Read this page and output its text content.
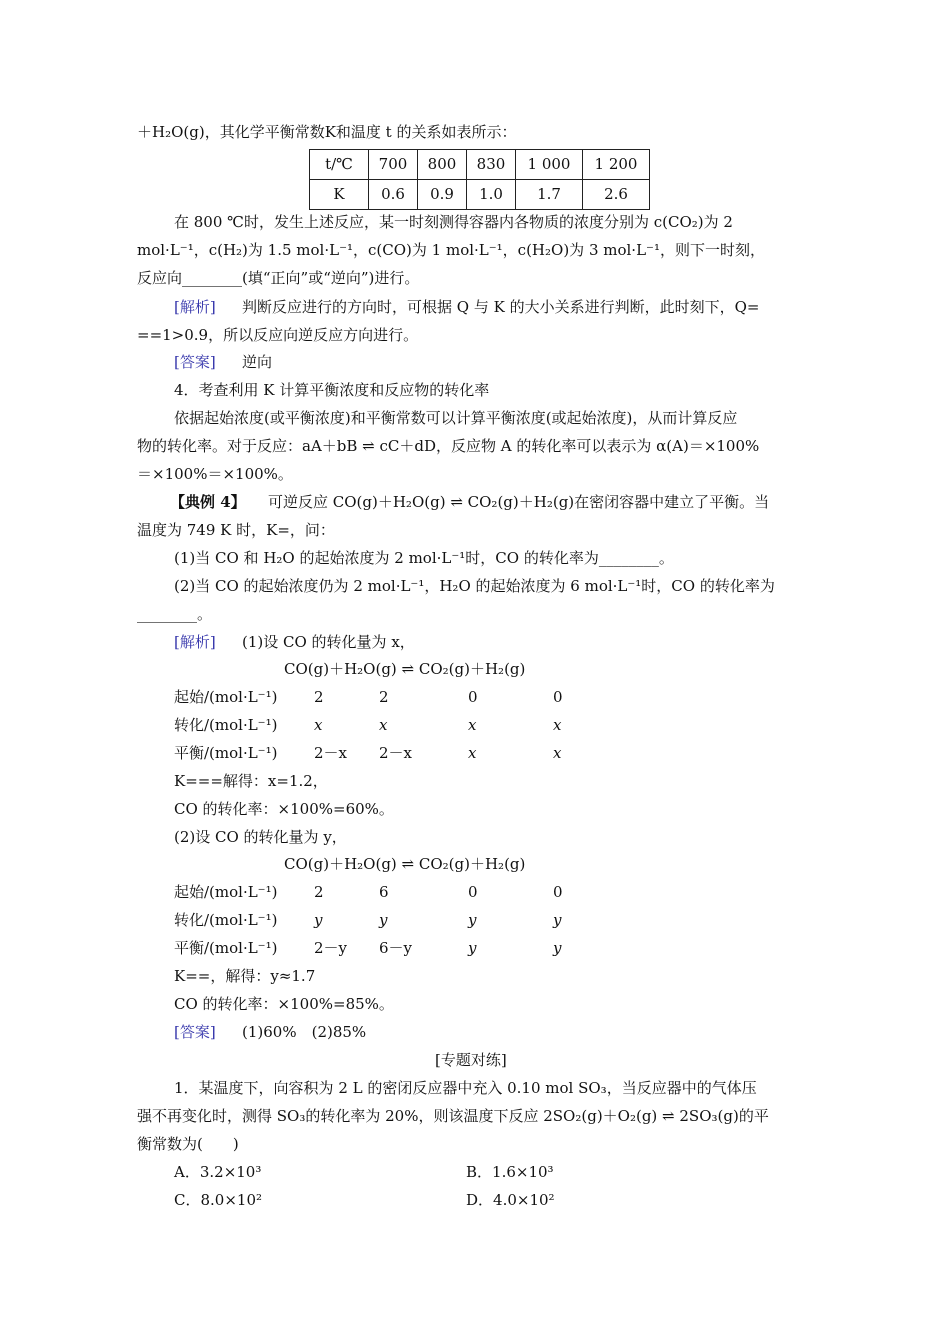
＋H₂O(g)，其化学平衡常数K和温度 t 的关系如表所示：
t/℃	700	800	830	1 000	1 200
K	0.6	0.9	1.0	1.7	2.6
在 800 ℃时，发生上述反应，某一时刻测得容器内各物质的浓度分别为 c(CO₂)为 2
mol·L⁻¹，c(H₂)为 1.5 mol·L⁻¹，c(CO)为 1 mol·L⁻¹，c(H₂O)为 3 mol·L⁻¹，则下一时刻，
反应向________(填“正向”或“逆向”)进行。
[解析] 判断反应进行的方向时，可根据 Q 与 K 的大小关系进行判断，此时刻下，Q=
==1>0.9，所以反应向逆反应方向进行。
[答案] 逆向
4．考查利用 K 计算平衡浓度和反应物的转化率
依据起始浓度(或平衡浓度)和平衡常数可以计算平衡浓度(或起始浓度)，从而计算反应
物的转化率。对于反应：aA＋bB ⇌ cC＋dD，反应物 A 的转化率可以表示为 α(A)＝×100%
＝×100%＝×100%。
【典例 4】 可逆反应 CO(g)＋H₂O(g) ⇌ CO₂(g)＋H₂(g)在密闭容器中建立了平衡。当
温度为 749 K 时，K=，问：
(1)当 CO 和 H₂O 的起始浓度为 2 mol·L⁻¹时，CO 的转化率为________。
(2)当 CO 的起始浓度仍为 2 mol·L⁻¹，H₂O 的起始浓度为 6 mol·L⁻¹时，CO 的转化率为
________。
[解析] (1)设 CO 的转化量为 x，
CO(g)＋H₂O(g) ⇌ CO₂(g)＋H₂(g)
起始/(mol·L⁻¹) 2	2	0	0
转化/(mol·L⁻¹) x	x	x	x
平衡/(mol·L⁻¹) 2－x 2－x	x	x
K===解得：x=1.2，
CO 的转化率：×100%=60%。
(2)设 CO 的转化量为 y，
CO(g)＋H₂O(g) ⇌ CO₂(g)＋H₂(g)
起始/(mol·L⁻¹) 2	6	0	0
转化/(mol·L⁻¹) y	y	y	y
平衡/(mol·L⁻¹) 2－y 6－y	y	y
K==，解得：y≈1.7
CO 的转化率：×100%=85%。
[答案] (1)60%　(2)85%
[专题对练]
1．某温度下，向容积为 2 L 的密闭反应器中充入 0.10 mol SO₃，当反应器中的气体压
强不再变化时，测得 SO₃的转化率为 20%，则该温度下反应 2SO₂(g)＋O₂(g) ⇌ 2SO₃(g)的平
衡常数为(　　)
A．3.2×10³	B．1.6×10³
C．8.0×10²	D．4.0×10²
